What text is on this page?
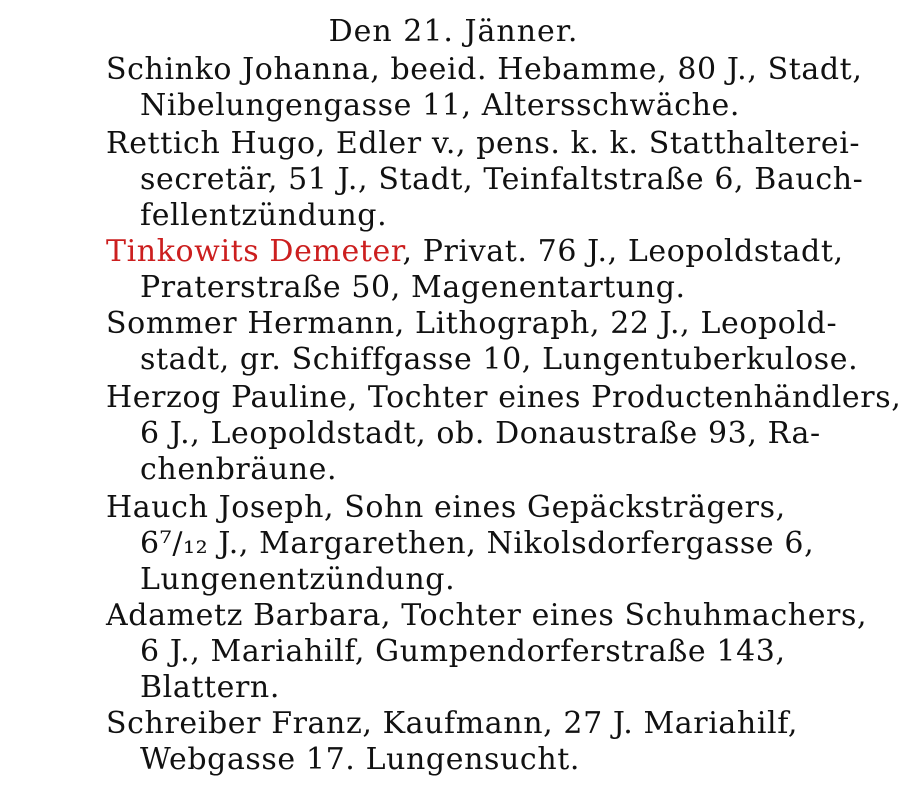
Den 21. Jänner.
Schinko Johanna, beeid. Hebamme, 80 J., Stadt,
Nibelungengasse 11, Altersschwäche.
Rettich Hugo, Edler v., pens. k. k. Statthalterei-
secretär, 51 J., Stadt, Teinfaltstraße 6, Bauch-
fellentzündung.
Tinkowits Demeter, Privat. 76 J., Leopoldstadt,
Praterstraße 50, Magenentartung.
Sommer Hermann, Lithograph, 22 J., Leopold-
stadt, gr. Schiffgasse 10, Lungentuberkulose.
Herzog Pauline, Tochter eines Productenhändlers,
6 J., Leopoldstadt, ob. Donaustraße 93, Ra-
chenbräune.
Hauch Joseph, Sohn eines Gepäcksträgers,
6⁷/₁₂ J., Margarethen, Nikolsdorfergasse 6,
Lungenentzündung.
Adametz Barbara, Tochter eines Schuhmachers,
6 J., Mariahilf, Gumpendorferstraße 143,
Blattern.
Schreiber Franz, Kaufmann, 27 J. Mariahilf,
Webgasse 17. Lungensucht.
